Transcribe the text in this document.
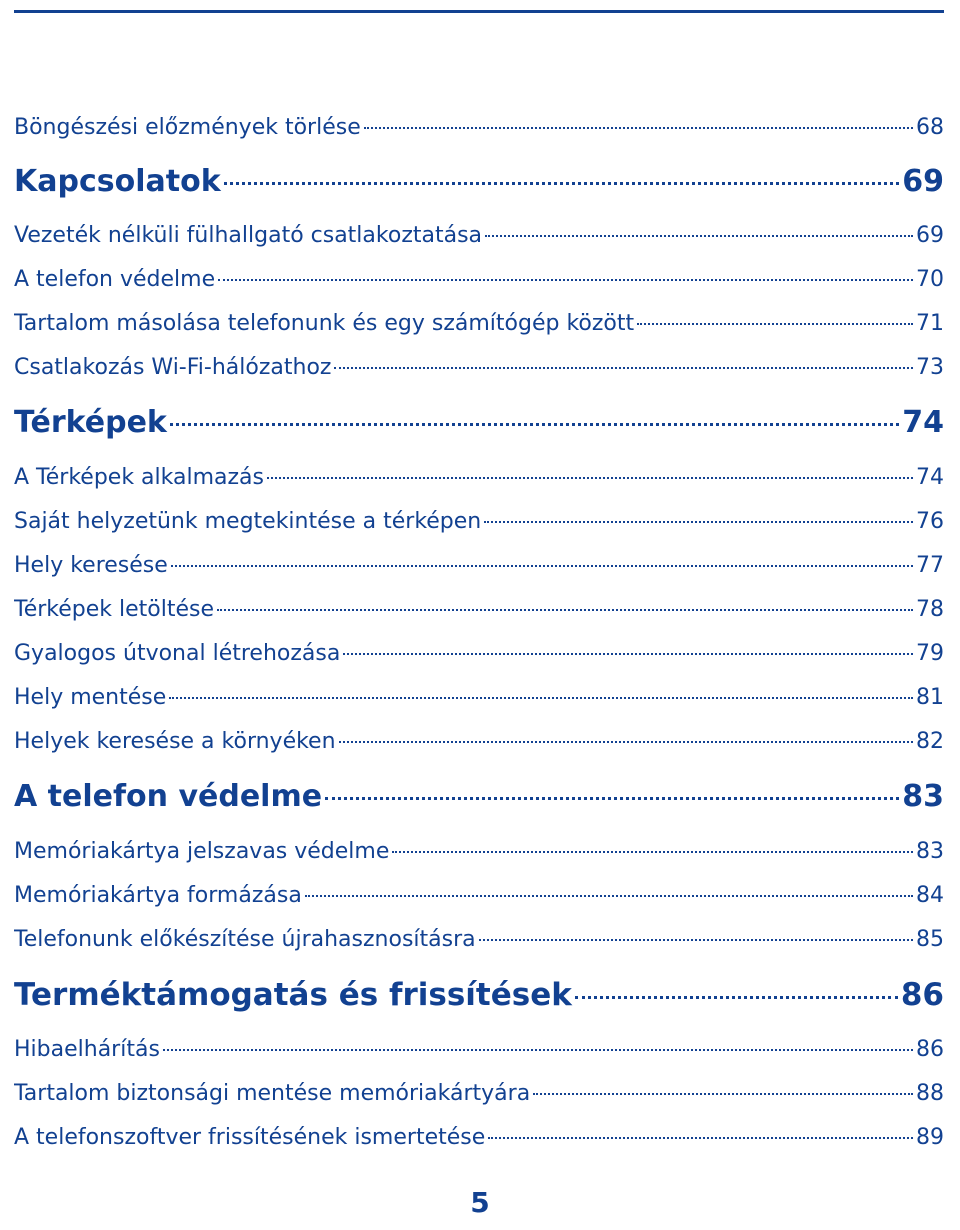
Böngészési előzmények törlése	68
Kapcsolatok	69
Vezeték nélküli fülhallgató csatlakoztatása	69
A telefon védelme	70
Tartalom másolása telefonunk és egy számítógép között	71
Csatlakozás Wi-Fi-hálózathoz	73
Térképek	74
A Térképek alkalmazás	74
Saját helyzetünk megtekintése a térképen	76
Hely keresése	77
Térképek letöltése	78
Gyalogos útvonal létrehozása	79
Hely mentése	81
Helyek keresése a környéken	82
A telefon védelme	83
Memóriakártya jelszavas védelme	83
Memóriakártya formázása	84
Telefonunk előkészítése újrahasznosításra	85
Terméktámogatás és frissítések	86
Hibaelhárítás	86
Tartalom biztonsági mentése memóriakártyára	88
A telefonszoftver frissítésének ismertetése	89
5
